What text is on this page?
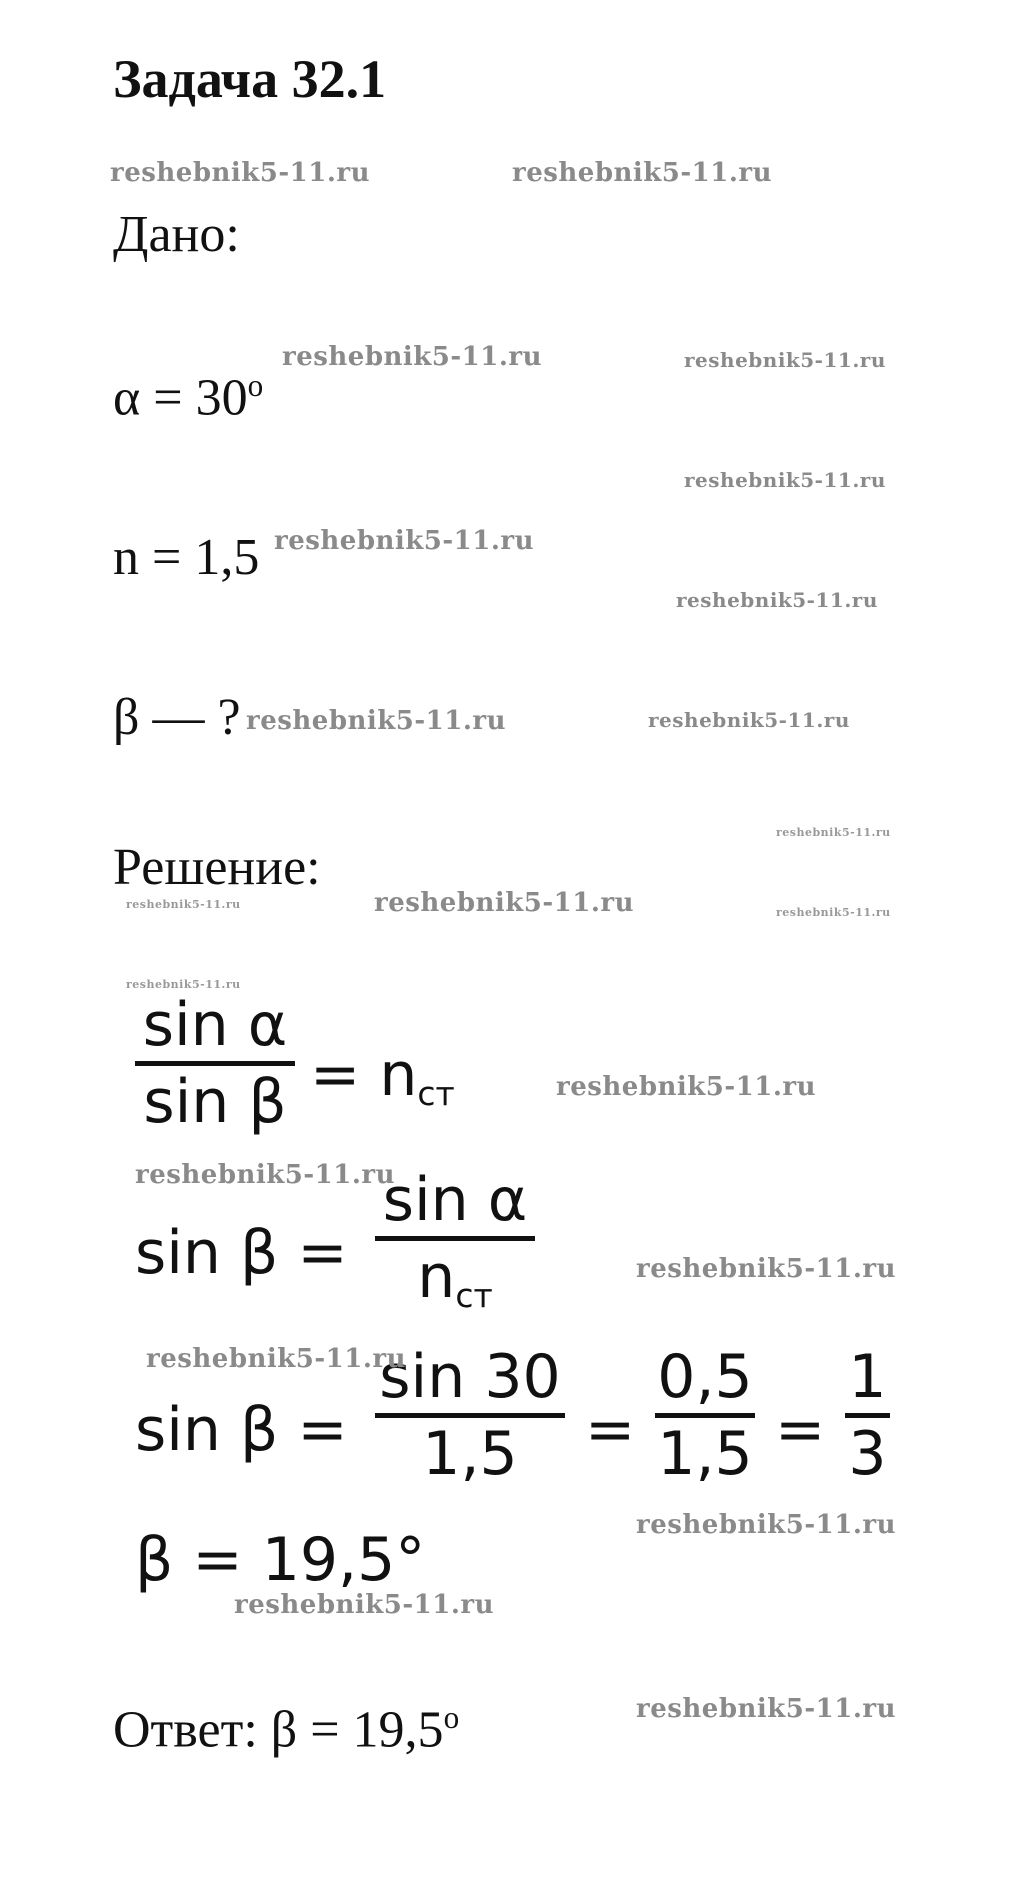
Задача 32.1
Дано:
$\alpha = 30^o$
n = 1,5
β — ?
Решение:
sin α
sin β = nст
sin β =
sin α
nст
sin β =
sin 30
1,5 =
0,5
1,5 =
1
3
β = 19,5°
Ответ: $\beta = 19,5^o$
reshebnik5-11.ru	reshebnik5-11.ru
reshebnik5-11.ru	reshebnik5-11.ru
reshebnik5-11.ru
reshebnik5-11.ru
reshebnik5-11.ru
reshebnik5-11.ru	reshebnik5-11.ru
reshebnik5-11.ru
reshebnik5-11.ru	reshebnik5-11.ru	reshebnik5-11.ru
reshebnik5-11.ru
reshebnik5-11.ru
reshebnik5-11.ru
reshebnik5-11.ru
reshebnik5-11.ru
reshebnik5-11.ru
reshebnik5-11.ru
reshebnik5-11.ru
